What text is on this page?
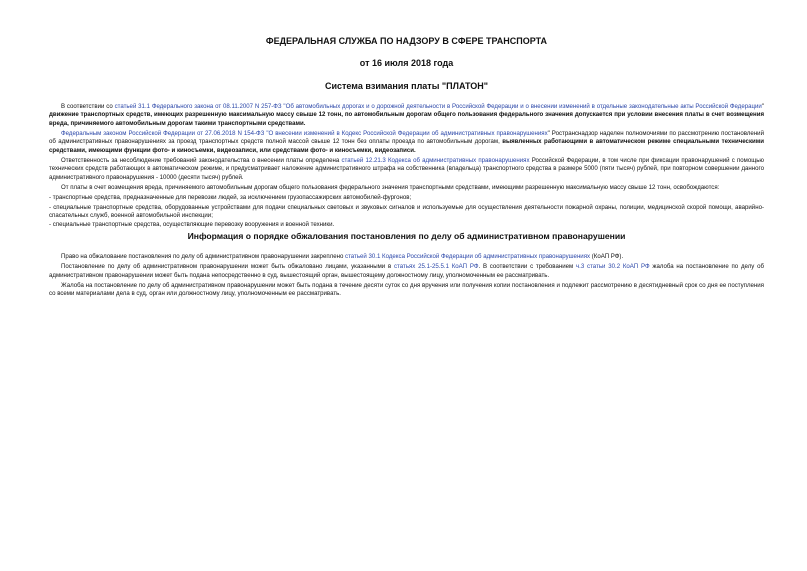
ФЕДЕРАЛЬНАЯ СЛУЖБА ПО НАДЗОРУ В СФЕРЕ ТРАНСПОРТА
от 16 июля 2018 года
Система взимания платы "ПЛАТОН"

В соответствии со статьей 31.1 Федерального закона от 08.11.2007 N 257-ФЗ "Об автомобильных дорогах и о дорожной деятельности в Российской Федерации и о внесении изменений в отдельные законодательные акты Российской Федерации" движение транспортных средств, имеющих разрешенную максимальную массу свыше 12 тонн, по автомобильным дорогам общего пользования федерального значения допускается при условии внесения платы в счет возмещения вреда, причиняемого автомобильным дорогам такими транспортными средствами.

Федеральным законом Российской Федерации от 27.06.2018 N 154-ФЗ "О внесении изменений в Кодекс Российской Федерации об административных правонарушениях" Ространснадзор наделен полномочиями по рассмотрению постановлений об административных правонарушениях за проезд транспортных средств полной массой свыше 12 тонн без оплаты проезда по автомобильным дорогам, выявленных работающими в автоматическом режиме специальными техническими средствами, имеющими функции фото- и киносъемки, видеозаписи, или средствами фото- и киносъемки, видеозаписи.

Ответственность за несоблюдение требований законодательства о внесении платы определена статьей 12.21.3 Кодекса об административных правонарушениях Российской Федерации, в том числе при фиксации правонарушений с помощью технических средств работающих в автоматическом режиме, и предусматривает наложение административного штрафа на собственника (владельца) транспортного средства в размере 5000 (пяти тысяч) рублей, при повторном совершении данного административного правонарушения - 10000 (десяти тысяч) рублей.

От платы в счет возмещения вреда, причиняемого автомобильным дорогам общего пользования федерального значения транспортными средствами, имеющими разрешенную максимальную массу свыше 12 тонн, освобождаются:

- транспортные средства, предназначенные для перевозки людей, за исключением грузопассажирских автомобилей-фургонов;

- специальные транспортные средства, оборудованные устройствами для подачи специальных световых и звуковых сигналов и используемые для осуществления деятельности пожарной охраны, полиции, медицинской скорой помощи, аварийно-спасательных служб, военной автомобильной инспекции;

- специальные транспортные средства, осуществляющие перевозку вооружения и военной техники.

Информация о порядке обжалования постановления по делу об административном правонарушении

Право на обжалование постановления по делу об административном правонарушении закреплено статьей 30.1 Кодекса Российской Федерации об административных правонарушениях (КоАП РФ).

Постановление по делу об административном правонарушении может быть обжаловано лицами, указанными в статьях 25.1-25.5.1 КоАП РФ. В соответствии с требованием ч.3 статьи 30.2 КоАП РФ жалоба на постановление по делу об административном правонарушении может быть подана непосредственно в суд, вышестоящий орган, вышестоящему должностному лицу, уполномоченным ее рассматривать.

Жалоба на постановление по делу об административном правонарушении может быть подана в течение десяти суток со дня вручения или получения копии постановления и подлежит рассмотрению в десятидневный срок со дня ее поступления со всеми материалами дела в суд, орган или должностному лицу, уполномоченным ее рассматривать.
